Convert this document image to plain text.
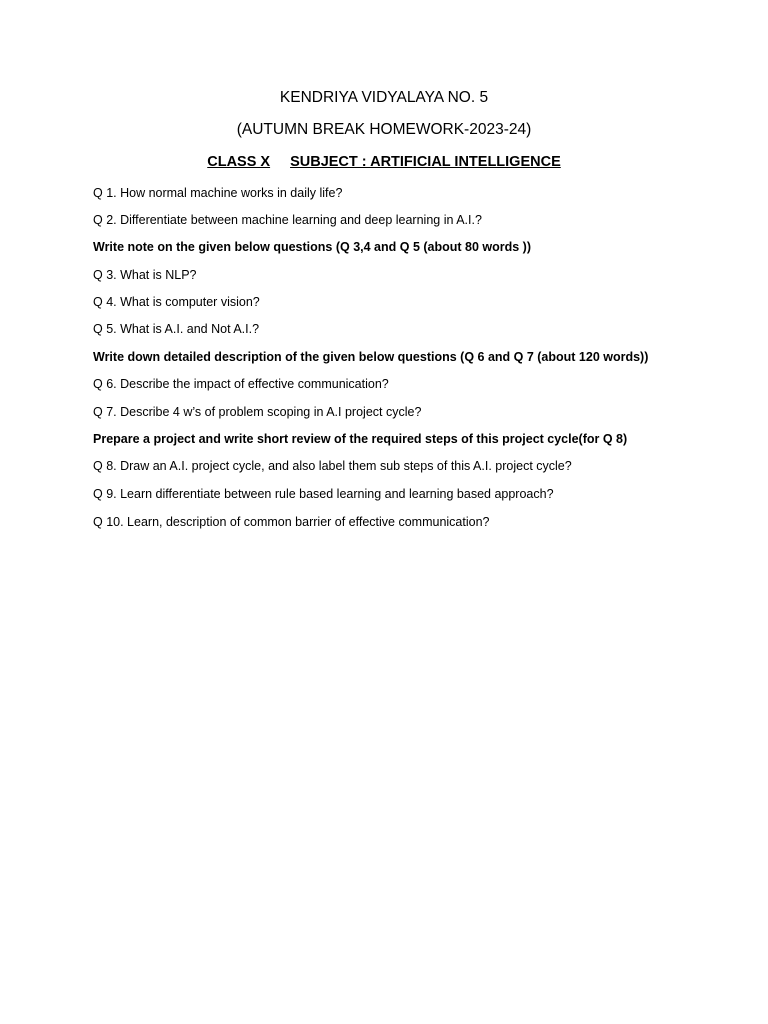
KENDRIYA VIDYALAYA NO. 5
(AUTUMN BREAK HOMEWORK-2023-24)
CLASS X SUBJECT : ARTIFICIAL INTELLIGENCE
Q 1. How normal machine works in daily life?
Q 2. Differentiate between machine learning and deep learning in A.I.?
Write note on the given below questions (Q 3,4 and Q 5 (about 80 words ))
Q 3. What is NLP?
Q 4. What is computer vision?
Q 5. What is A.I. and Not A.I.?
Write down detailed description of the given below questions (Q 6 and Q 7 (about 120 words))
Q 6. Describe the impact of effective communication?
Q 7. Describe 4 w’s of problem scoping in A.I project cycle?
Prepare a project and write short review of the required steps of this project cycle(for Q 8)
Q 8. Draw an A.I. project cycle, and also label them sub steps of this A.I. project cycle?
Q 9. Learn differentiate between rule based learning and learning based approach?
Q 10. Learn, description of common barrier of effective communication?
